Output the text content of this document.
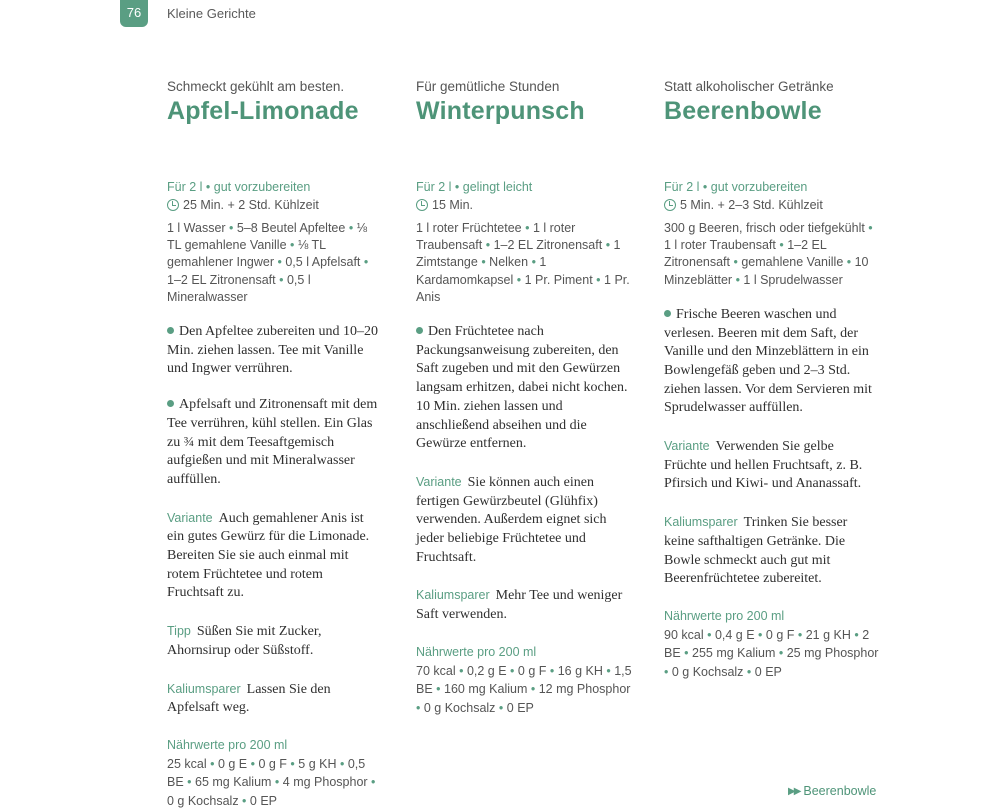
76	Kleine Gerichte

Schmeckt gekühlt am besten.

Apfel-Limonade
Für 2 l • gut vorzubereiten
25 Min. + 2 Std. Kühlzeit
1 l Wasser • 5–8 Beutel Apfeltee • ⅛ TL gemahlene Vanille • ⅛ TL gemahlener Ingwer • 0,5 l Apfelsaft • 1–2 EL Zitronensaft • 0,5 l Mineralwasser
Den Apfeltee zubereiten und 10–20 Min. ziehen lassen. Tee mit Vanille und Ingwer verrühren.
Apfelsaft und Zitronensaft mit dem Tee verrühren, kühl stellen. Ein Glas zu ¾ mit dem Teesaftgemisch aufgießen und mit Mineralwasser auffüllen.
Variante Auch gemahlener Anis ist ein gutes Gewürz für die Limonade. Bereiten Sie sie auch einmal mit rotem Früchtetee und rotem Fruchtsaft zu.
Tipp Süßen Sie mit Zucker, Ahornsirup oder Süßstoff.
Kaliumsparer Lassen Sie den Apfelsaft weg.
Nährwerte pro 200 ml
25 kcal • 0 g E • 0 g F • 5 g KH • 0,5 BE • 65 mg Kalium • 4 mg Phosphor • 0 g Kochsalz • 0 EP

Für gemütliche Stunden

Winterpunsch
Für 2 l • gelingt leicht
15 Min.
1 l roter Früchtetee • 1 l roter Traubensaft • 1–2 EL Zitronensaft • 1 Zimtstange • Nelken • 1 Kardamomkapsel • 1 Pr. Piment • 1 Pr. Anis
Den Früchtetee nach Packungsanweisung zubereiten, den Saft zugeben und mit den Gewürzen langsam erhitzen, dabei nicht kochen. 10 Min. ziehen lassen und anschließend abseihen und die Gewürze entfernen.
Variante Sie können auch einen fertigen Gewürzbeutel (Glühfix) verwenden. Außerdem eignet sich jeder beliebige Früchtetee und Fruchtsaft.
Kaliumsparer Mehr Tee und weniger Saft verwenden.
Nährwerte pro 200 ml
70 kcal • 0,2 g E • 0 g F • 16 g KH • 1,5 BE • 160 mg Kalium • 12 mg Phosphor • 0 g Kochsalz • 0 EP

Statt alkoholischer Getränke

Beerenbowle
Für 2 l • gut vorzubereiten
5 Min. + 2–3 Std. Kühlzeit
300 g Beeren, frisch oder tiefgekühlt • 1 l roter Traubensaft • 1–2 EL Zitronensaft • gemahlene Vanille • 10 Minzeblätter • 1 l Sprudelwasser
Frische Beeren waschen und verlesen. Beeren mit dem Saft, der Vanille und den Minzeblättern in ein Bowlengefäß geben und 2–3 Std. ziehen lassen. Vor dem Servieren mit Sprudelwasser auffüllen.
Variante Verwenden Sie gelbe Früchte und hellen Fruchtsaft, z. B. Pfirsich und Kiwi- und Ananassaft.
Kaliumsparer Trinken Sie besser keine safthaltigen Getränke. Die Bowle schmeckt auch gut mit Beerenfrüchtetee zubereitet.
Nährwerte pro 200 ml
90 kcal • 0,4 g E • 0 g F • 21 g KH • 2 BE • 255 mg Kalium • 25 mg Phosphor • 0 g Kochsalz • 0 EP
▶▶ Beerenbowle
